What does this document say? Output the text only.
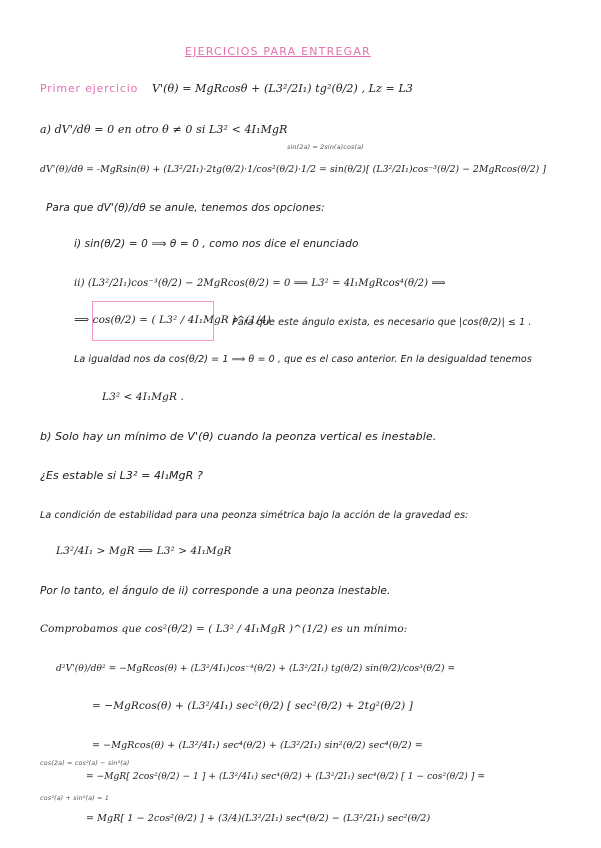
EJERCICIOS PARA ENTREGAR
Primer ejercicio V'(θ) = MgRcosθ + (L3²/2I₁) tg²(θ/2) , Lz = L3
a) dV'/dθ = 0 en otro θ ≠ 0 si L3² < 4I₁MgR
sin(2a) = 2sin(a)cos(a)
dV'(θ)/dθ = -MgRsin(θ) + (L3²/2I₁)·2tg(θ/2)·1/cos²(θ/2)·1/2 = sin(θ/2)[ (L3²/2I₁)cos⁻³(θ/2) − 2MgRcos(θ/2) ]
Para que dV'(θ)/dθ se anule, tenemos dos opciones:
i) sin(θ/2) = 0 ⟹ θ = 0 , como nos dice el enunciado
ii) (L3²/2I₁)cos⁻³(θ/2) − 2MgRcos(θ/2) = 0 ⟹ L3² = 4I₁MgRcos⁴(θ/2) ⟹
⟹ cos(θ/2) = ( L3² / 4I₁MgR )^(1/4)
Para que este ángulo exista, es necesario que |cos(θ/2)| ≤ 1 .
La igualdad nos da cos(θ/2) = 1 ⟹ θ = 0 , que es el caso anterior. En la desigualdad tenemos
L3² < 4I₁MgR .
b) Solo hay un mínimo de V'(θ) cuando la peonza vertical es inestable.
¿Es estable si L3² = 4I₁MgR ?
La condición de estabilidad para una peonza simétrica bajo la acción de la gravedad es:
L3²/4I₁ > MgR ⟹ L3² > 4I₁MgR
Por lo tanto, el ángulo de ii) corresponde a una peonza inestable.
Comprobamos que cos²(θ/2) = ( L3² / 4I₁MgR )^(1/2) es un mínimo:
d²V'(θ)/dθ² = −MgRcos(θ) + (L3²/4I₁)cos⁻⁴(θ/2) + (L3²/2I₁) tg(θ/2) sin(θ/2)/cos³(θ/2) =
= −MgRcos(θ) + (L3²/4I₁) sec²(θ/2) [ sec²(θ/2) + 2tg²(θ/2) ]
= −MgRcos(θ) + (L3²/4I₁) sec⁴(θ/2) + (L3²/2I₁) sin²(θ/2) sec⁴(θ/2) =
cos(2a) = cos²(a) − sin²(a)
= −MgR[ 2cos²(θ/2) − 1 ] + (L3²/4I₁) sec⁴(θ/2) + (L3²/2I₁) sec⁴(θ/2) [ 1 − cos²(θ/2) ] =
cos²(a) + sin²(a) = 1
= MgR[ 1 − 2cos²(θ/2) ] + (3/4)(L3²/2I₁) sec⁴(θ/2) − (L3²/2I₁) sec²(θ/2)
